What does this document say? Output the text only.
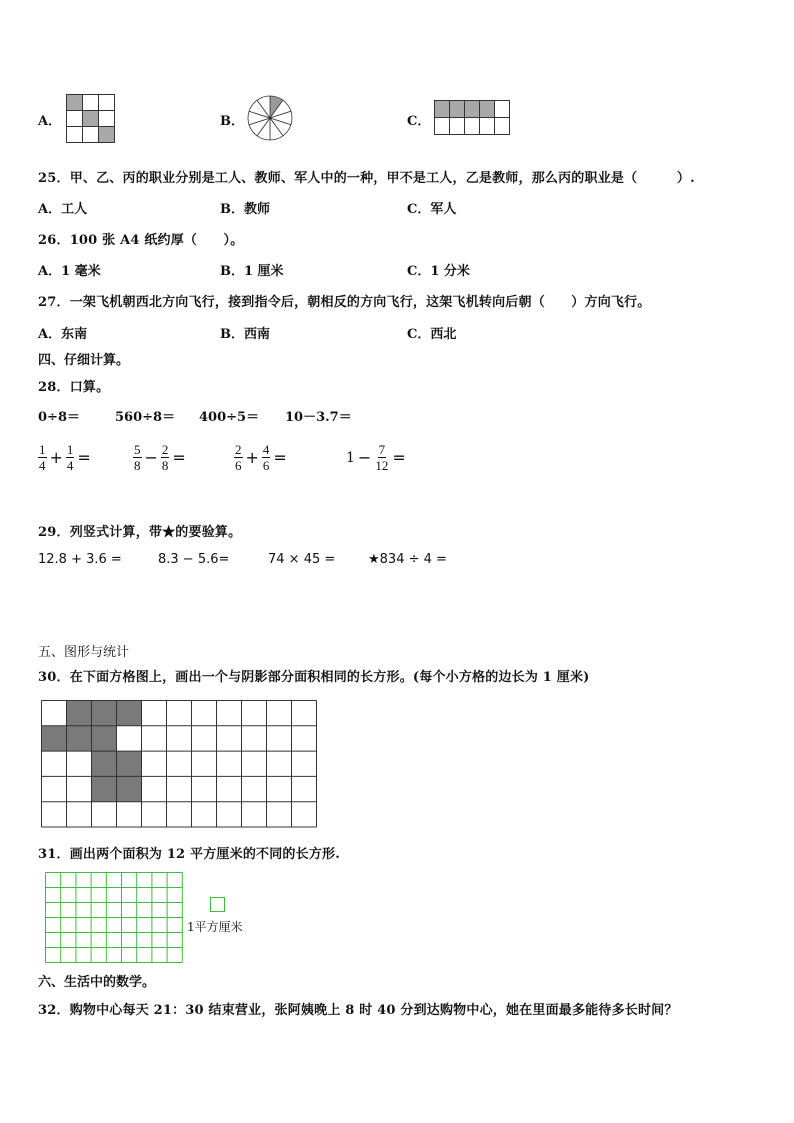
A．	B．	C．
25．甲、乙、丙的职业分别是工人、教师、军人中的一种，甲不是工人，乙是教师，那么丙的职业是（　　　）.
A．工人	B．教师	C．军人
26．100 张 A4 纸约厚（　　）。
A．1 毫米	B．1 厘米	C．1 分米
27．一架飞机朝西北方向飞行，接到指令后，朝相反的方向飞行，这架飞机转向后朝（　　）方向飞行。
A．东南	B．西南	C．西北
四、仔细计算。
28．口算。
0÷8＝	560÷8＝ 400÷5＝ 10－3.7＝
$\frac{1}{4} + \frac{1}{4}$ =	$\frac{5}{8} - \frac{2}{8}$ =	$\frac{2}{6} + \frac{4}{6}$ =	$1 - \frac{7}{12}$ =
29．列竖式计算，带★的要验算。
12.8 + 3.6 =	8.3 − 5.6=	74 × 45 =	★834 ÷ 4 =
五、图形与统计
30．在下面方格图上，画出一个与阴影部分面积相同的长方形。(每个小方格的边长为 1 厘米)
31．画出两个面积为 12 平方厘米的不同的长方形.
1平方厘米
六、生活中的数学。
32．购物中心每天 21：30 结束营业，张阿姨晚上 8 时 40 分到达购物中心，她在里面最多能待多长时间？
